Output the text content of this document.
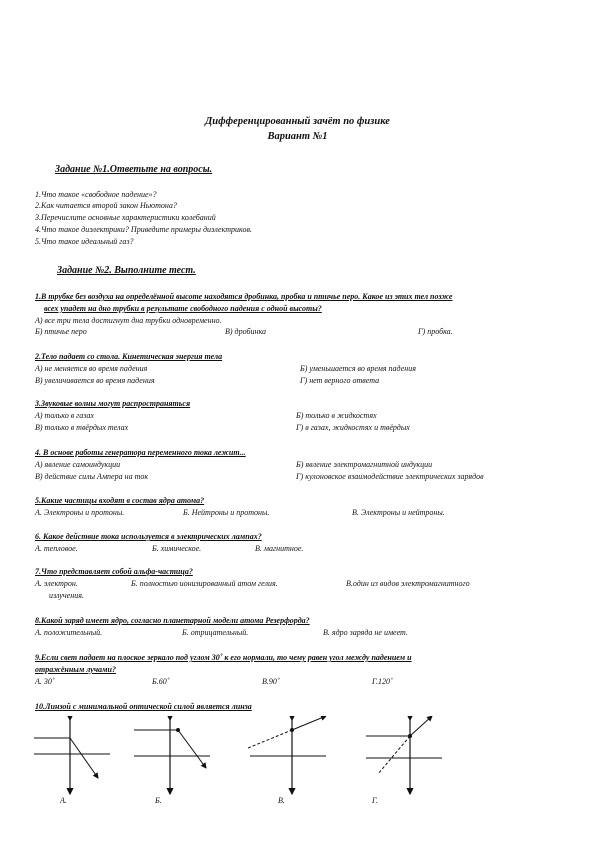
Дифференцированный зачёт по физике
Вариант №1
Задание №1.Ответьте на вопросы.
1.Что такое «свободное падение»?
2.Как читается второй закон Ньютона?
3.Перечислите основные характеристики колебаний
4.Что такое диэлектрики? Приведите примеры диэлектриков.
5.Что такое идеальный газ?
Задание №2. Выполните тест.
1.В трубке без воздуха на определённой высоте находятся дробинка, пробка и птичье перо. Какое из этих тел позже
всех упадет на дно трубки в результате свободного падения с одной высоты?
А) все три тела достигнут дна трубки одновременно.
Б) птичье перо	В) дробинка	Г) пробка.
2.Тело падает со стола. Кинетическая энергия тела
А) не меняется во время падения	Б) уменьшается во время падения
В) увеличивается во время падения	Г) нет верного ответа
3.Звуковые волны могут распространяться
А) только в газах	Б) только в жидкостях
В) только в твёрдых телах	Г) в газах, жидкостях и твёрдых
4. В основе работы генератора переменного тока лежит...
А) явление самоиндукции	Б) явление электромагнитной индукции
В) действие силы Ампера на ток	Г) кулоновское взаимодействие электрических зарядов
5.Какие частицы входят в состав ядра атома?
А. Электроны и протоны.	Б. Нейтроны и протоны.	В. Электроны и нейтроны.
6. Какое действие тока используется в электрических лампах?
А. тепловое.	Б. химическое.	В. магнитное.
7.Что представляет собой альфа-частица?
А. электрон.	Б. полностью ионизированный атом гелия.	В.один из видов электромагнитного
излучения.
8.Какой заряд имеет ядро, согласно планетарной модели атома Резерфорда?
А. положительный.	Б. отрицательный.	В. ядро заряда не имеет.
9.Если свет падает на плоское зеркало под углом 30˚ к его нормали, то чему равен угол между падением и
отражённым лучами?
А. 30˚	Б.60˚	В.90˚	Г.120˚
10.Линзой с минимальной оптической силой является линза
А.	Б.	В.	Г.
